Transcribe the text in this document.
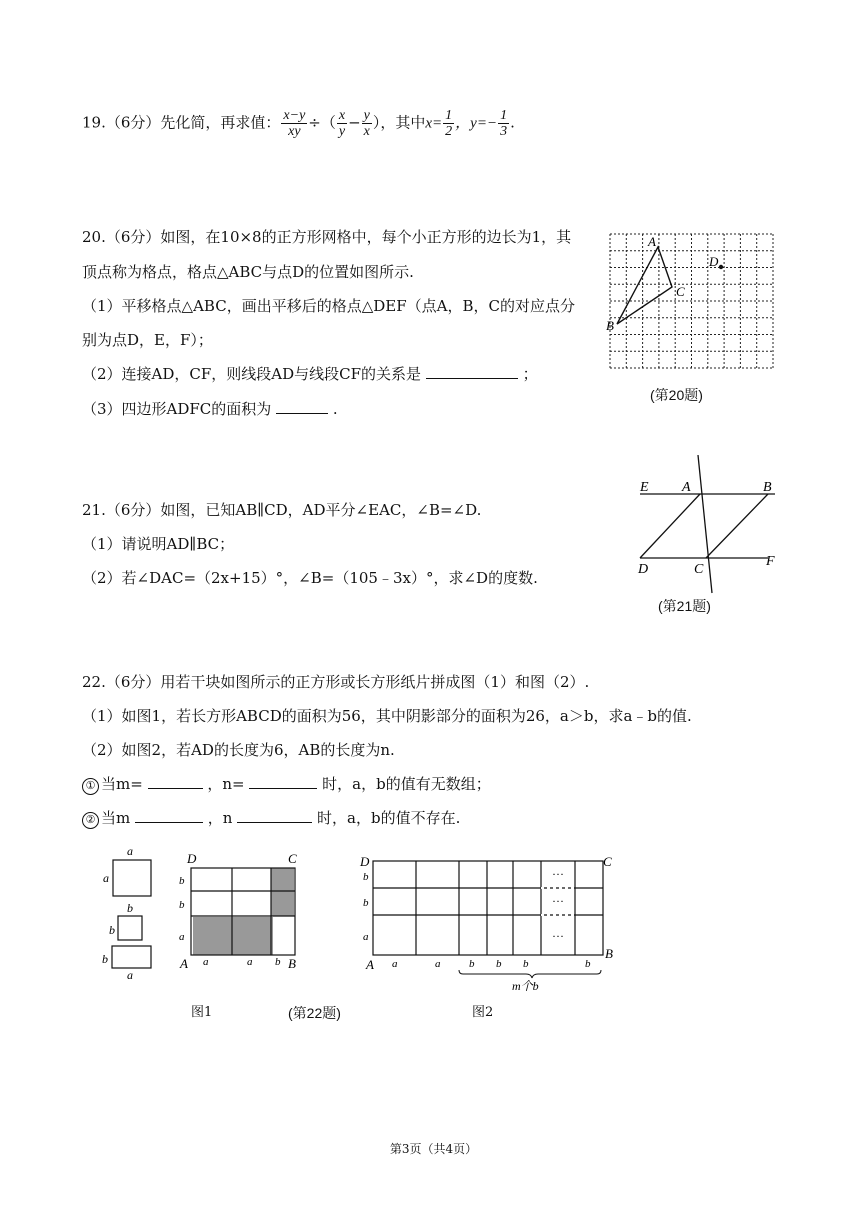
19.（6分）先化简，再求值： $\frac{x-y}{xy}$ ÷（ $\frac{x}{y} - \frac{y}{x}$ ），其中$x= \frac{1}{2}$ ，$y=- \frac{1}{3}$ .
20.（6分）如图，在10×8的正方形网格中，每个小正方形的边长为1，其
顶点称为格点，格点△ABC与点D的位置如图所示.
（1）平移格点△ABC，画出平移后的格点△DEF（点A，B，C的对应点分
别为点D，E，F）；
（2）连接AD，CF，则线段AD与线段CF的关系是	；
（3）四边形ADFC的面积为	.
A
B
C
D
(第20题)
21.（6分）如图，已知AB∥CD，AD平分∠EAC，∠B=∠D.
（1）请说明AD∥BC；
（2）若∠DAC=（2x+15）°，∠B=（105﹣3x）°，求∠D的度数.
E A	B
D	C
F
(第21题)
22.（6分）用若干块如图所示的正方形或长方形纸片拼成图（1）和图（2）.
（1）如图1，若长方形ABCD的面积为56，其中阴影部分的面积为26，a＞b，求a﹣b的值.
（2）如图2，若AD的长度为6，AB的长度为n.
① 当m=	，n=	时，a，b的值有无数组；
② 当m	，n	时，a，b的值不存在.
a
a
b
b
b
a
D	C
A	B
b
b
a
a	a b
···
···
···
D	C
A
B
b
b
a
a	a	b b b	b
m个b
图1	(第22题)	图2
第3页（共4页）
